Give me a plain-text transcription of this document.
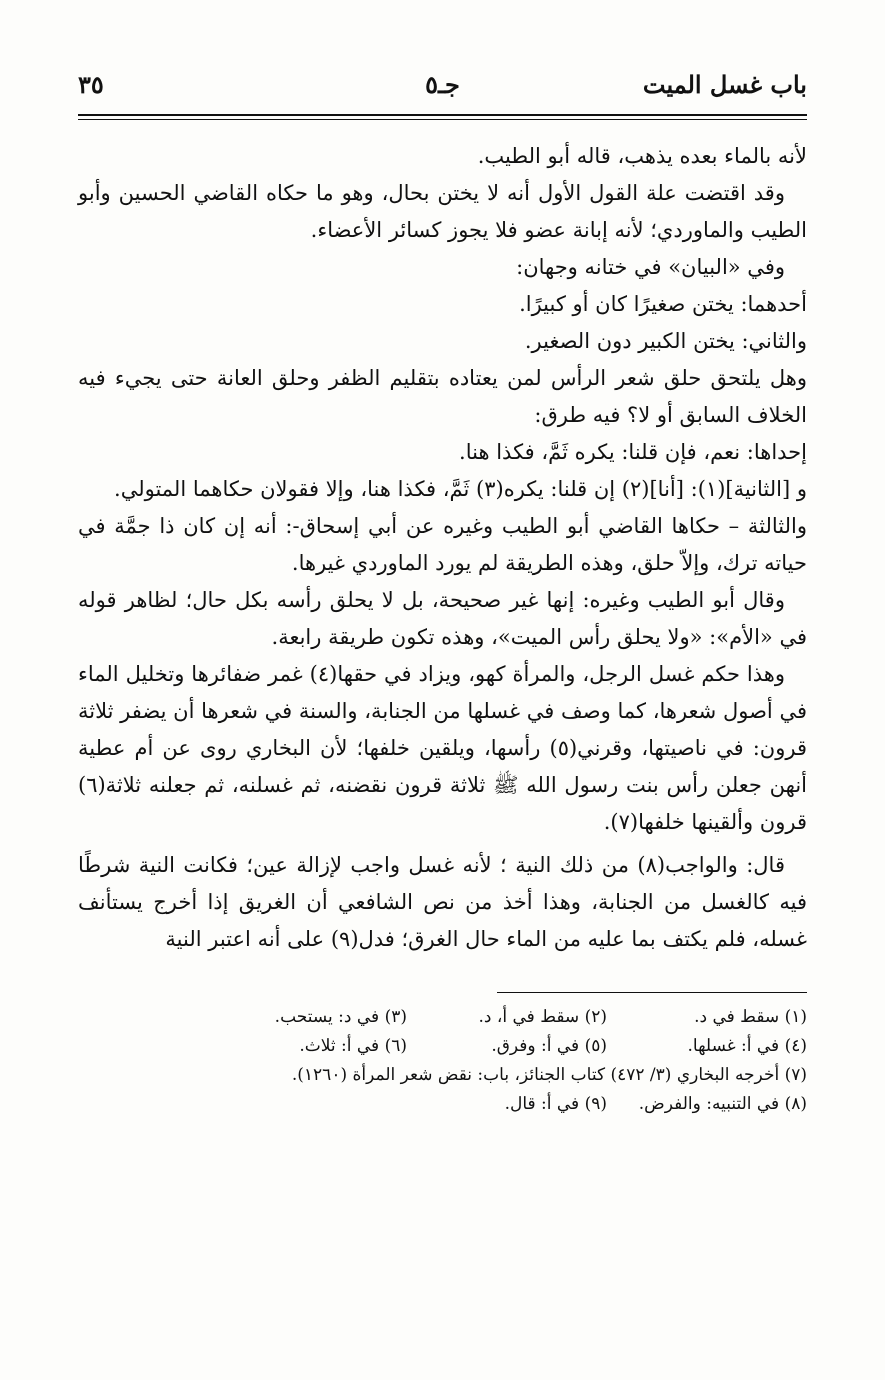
باب غسل الميت
جـ٥
٣٥

لأنه بالماء بعده يذهب، قاله أبو الطيب.

وقد اقتضت علة القول الأول أنه لا يختن بحال، وهو ما حكاه القاضي الحسين وأبو الطيب والماوردي؛ لأنه إبانة عضو فلا يجوز كسائر الأعضاء.

وفي «البيان» في ختانه وجهان:

أحدهما: يختن صغيرًا كان أو كبيرًا.

والثاني: يختن الكبير دون الصغير.

وهل يلتحق حلق شعر الرأس لمن يعتاده بتقليم الظفر وحلق العانة حتى يجيء فيه الخلاف السابق أو لا؟ فيه طرق:

إحداها: نعم، فإن قلنا: يكره ثَمَّ، فكذا هنا.

و [الثانية](١): [أنا](٢) إن قلنا: يكره(٣) ثَمَّ، فكذا هنا، وإلا فقولان حكاهما المتولي.

والثالثة – حكاها القاضي أبو الطيب وغيره عن أبي إسحاق-: أنه إن كان ذا جمَّة في حياته ترك، وإلاّ حلق، وهذه الطريقة لم يورد الماوردي غيرها.

وقال أبو الطيب وغيره: إنها غير صحيحة، بل لا يحلق رأسه بكل حال؛ لظاهر قوله في «الأم»: «ولا يحلق رأس الميت»، وهذه تكون طريقة رابعة.

وهذا حكم غسل الرجل، والمرأة كهو، ويزاد في حقها(٤) غمر ضفائرها وتخليل الماء في أصول شعرها، كما وصف في غسلها من الجنابة، والسنة في شعرها أن يضفر ثلاثة قرون: في ناصيتها، وقرني(٥) رأسها، ويلقين خلفها؛ لأن البخاري روى عن أم عطية أنهن جعلن رأس بنت رسول الله ﷺ ثلاثة قرون نقضنه، ثم غسلنه، ثم جعلنه ثلاثة(٦) قرون وألقينها خلفها(٧).

قال: والواجب(٨) من ذلك النية ؛ لأنه غسل واجب لإزالة عين؛ فكانت النية شرطًا فيه كالغسل من الجنابة، وهذا أخذ من نص الشافعي أن الغريق إذا أخرج يستأنف غسله، فلم يكتف بما عليه من الماء حال الغرق؛ فدل(٩) على أنه اعتبر النية

(١) سقط في د.
(٢) سقط في أ، د.
(٣) في د: يستحب.
(٤) في أ: غسلها.
(٥) في أ: وفرق.
(٦) في أ: ثلاث.
(٧) أخرجه البخاري (٣/ ٤٧٢) كتاب الجنائز، باب: نقض شعر المرأة (١٢٦٠).
(٨) في التنبيه: والفرض.
(٩) في أ: قال.
